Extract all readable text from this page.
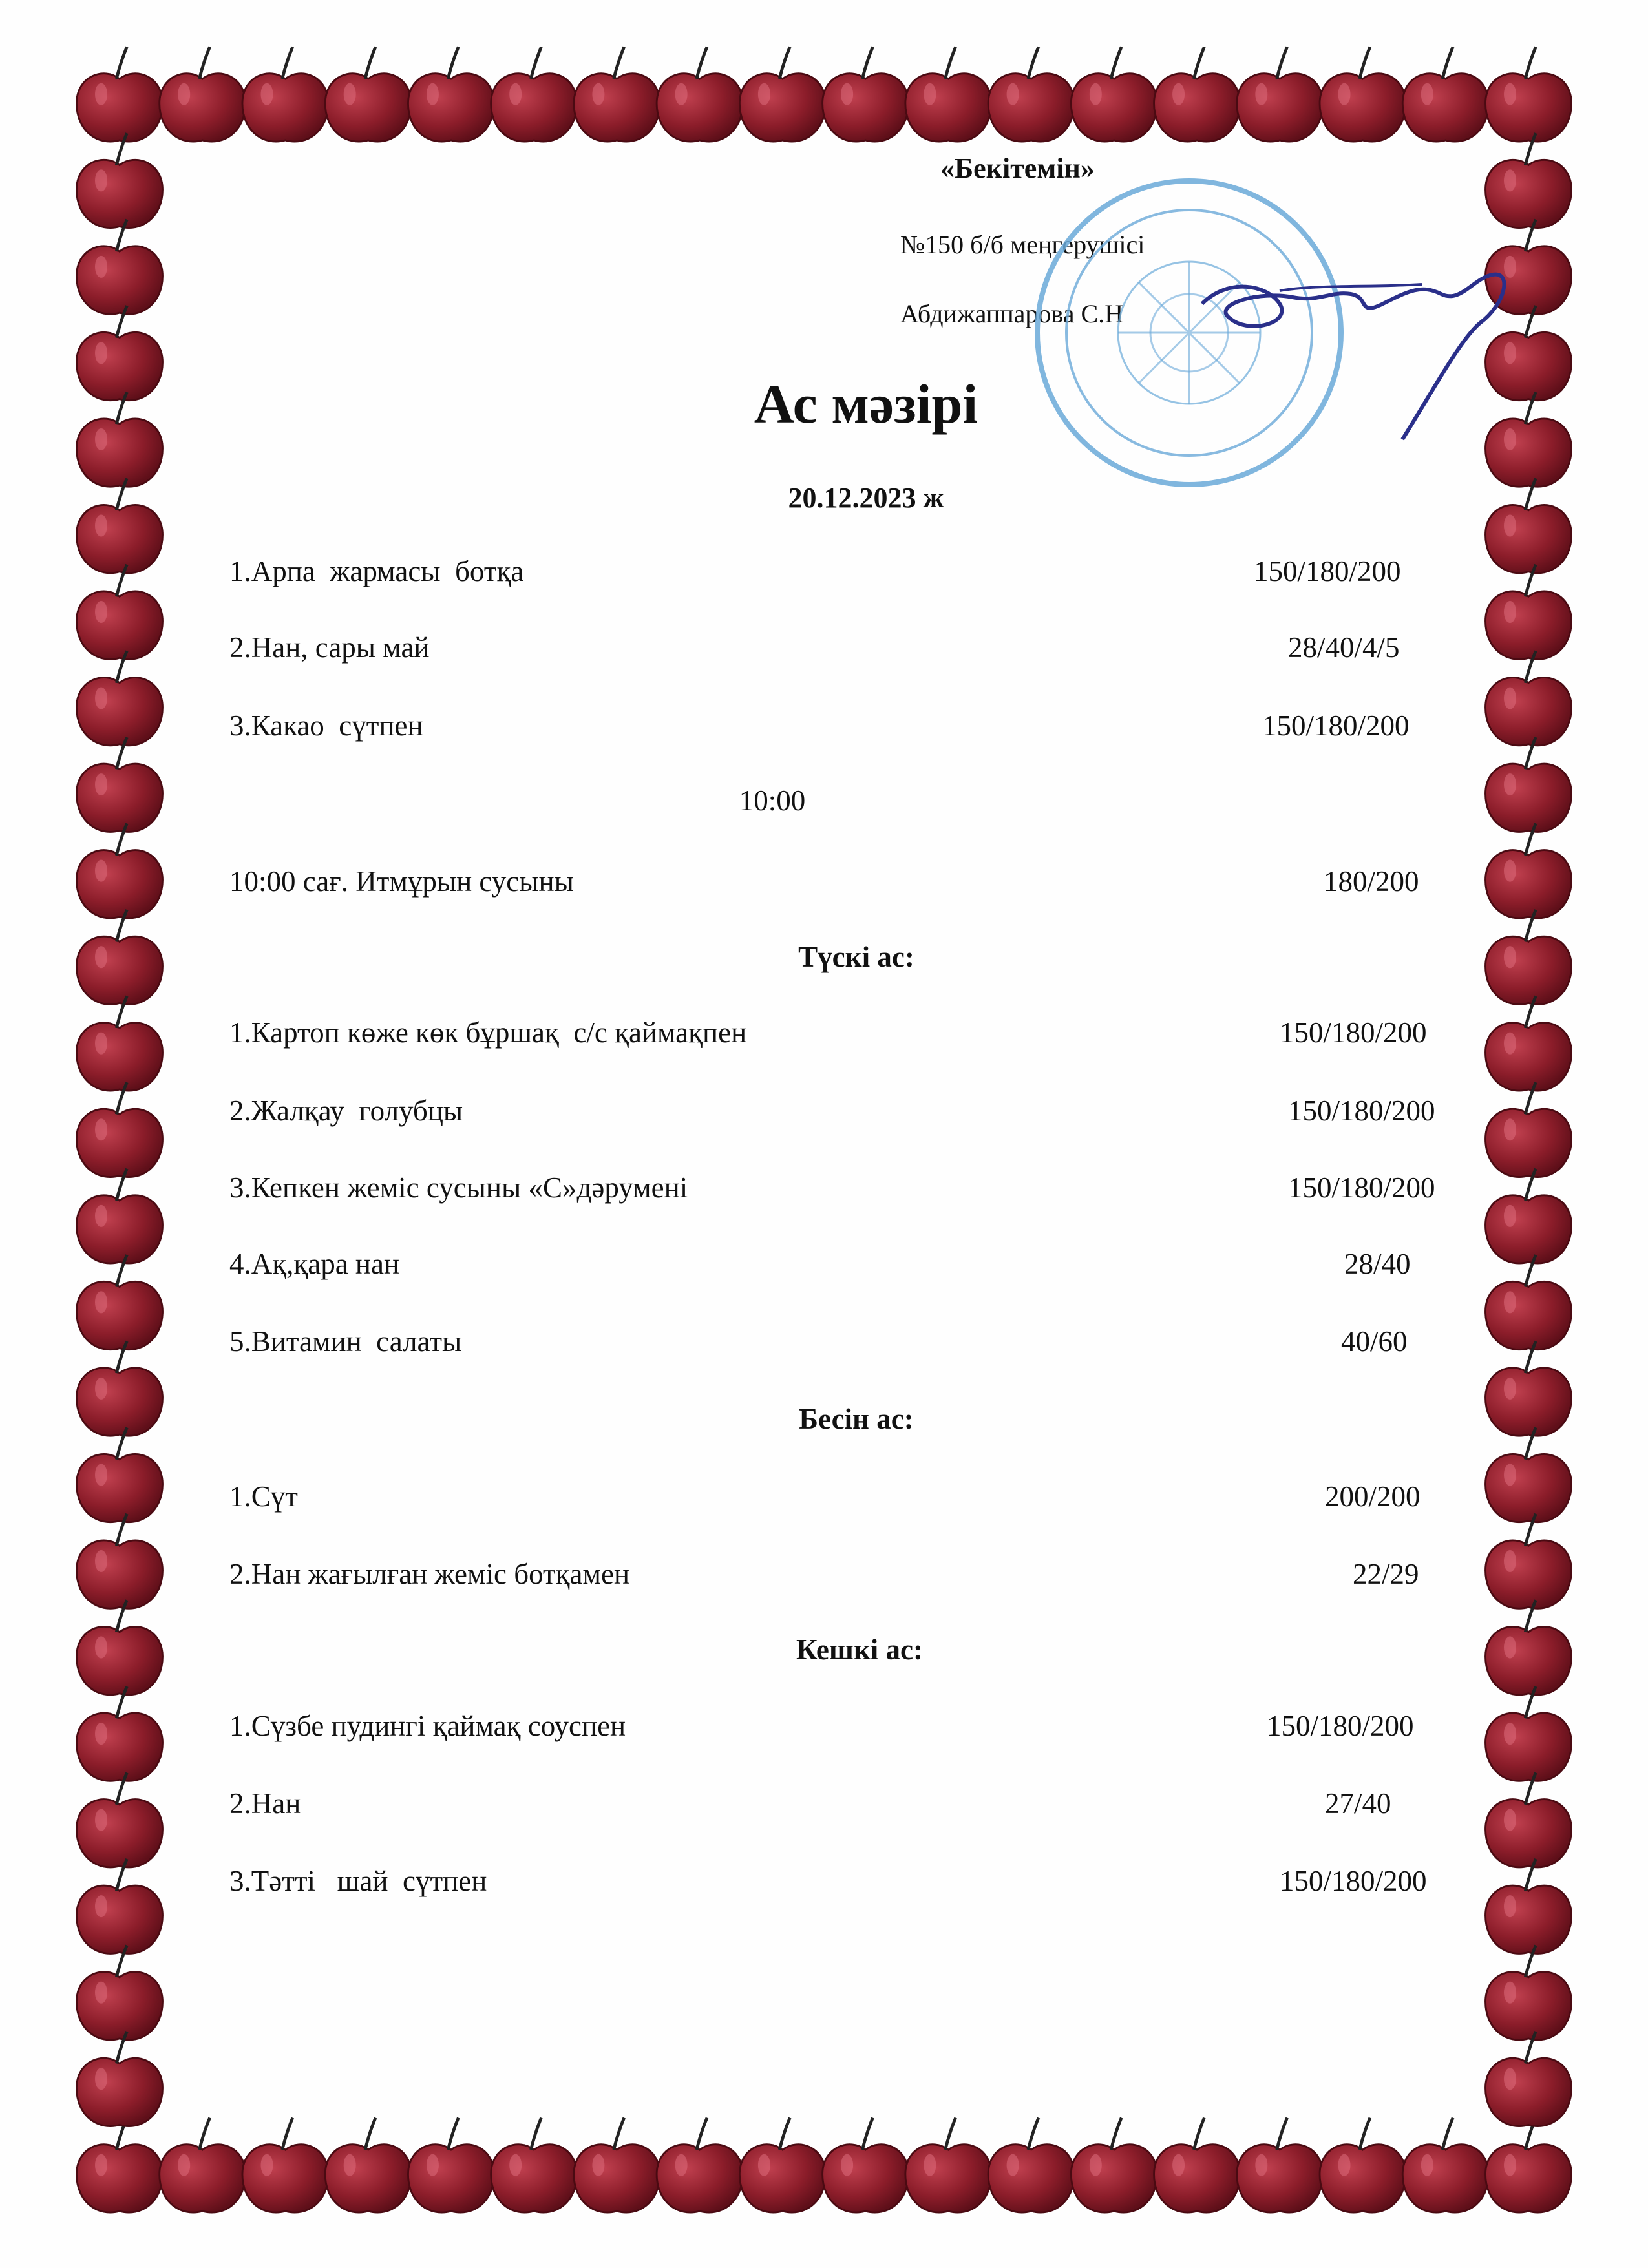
«Бекітемін»
№150 б/б меңгерушісі
Абдижаппарова С.Н
Ас мәзірі
20.12.2023 ж
1.Арпа  жармасы  ботқа	150/180/200
2.Нан, сары май	28/40/4/5
3.Какао  сүтпен	150/180/200
10:00
10:00 сағ. Итмұрын сусыны	180/200
Түскі ас:
1.Картоп көже көк бұршақ  с/с қаймақпен	150/180/200
2.Жалқау  голубцы	150/180/200
3.Кепкен жеміс сусыны «С»дәрумені	150/180/200
4.Ақ,қара нан	28/40
5.Витамин  салаты	40/60
Бесін ас:
1.Сүт	200/200
2.Нан жағылған жеміс ботқамен	22/29
Кешкі ас:
1.Сүзбе пудингі қаймақ соуспен	150/180/200
2.Нан	27/40
3.Тәтті   шай  сүтпен	150/180/200
